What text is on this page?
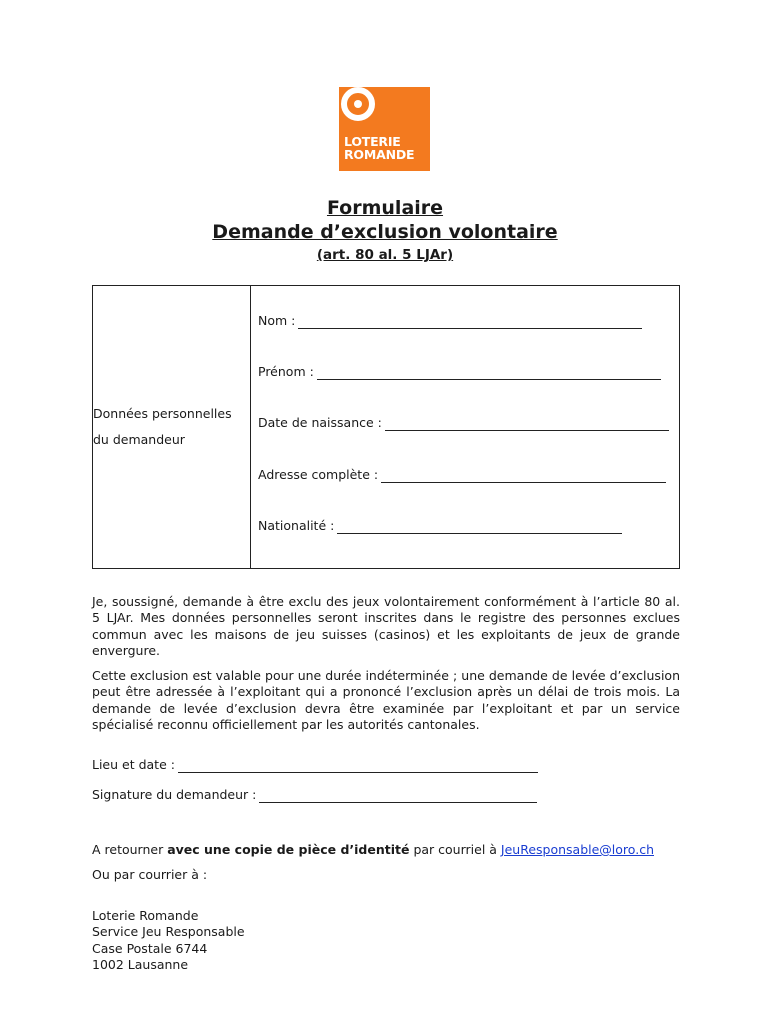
LOTERIE
ROMANDE
Formulaire
Demande d’exclusion volontaire
(art. 80 al. 5 LJAr)
Données personnelles
du demandeur

Nom :
Prénom :
Date de naissance :
Adresse complète :
Nationalité :
Je, soussigné, demande à être exclu des jeux volontairement conformément à l’article 80 al. 5 LJAr. Mes données personnelles seront inscrites dans le registre des personnes exclues commun avec les maisons de jeu suisses (casinos) et les exploitants de jeux de grande envergure.
Cette exclusion est valable pour une durée indéterminée ; une demande de levée d’exclusion peut être adressée à l’exploitant qui a prononcé l’exclusion après un délai de trois mois. La demande de levée d’exclusion devra être examinée par l’exploitant et par un service spécialisé reconnu officiellement par les autorités cantonales.
Lieu et date :
Signature du demandeur :
A retourner avec une copie de pièce d’identité par courriel à JeuResponsable@loro.ch
Ou par courrier à :
Loterie Romande
Service Jeu Responsable
Case Postale 6744
1002 Lausanne
